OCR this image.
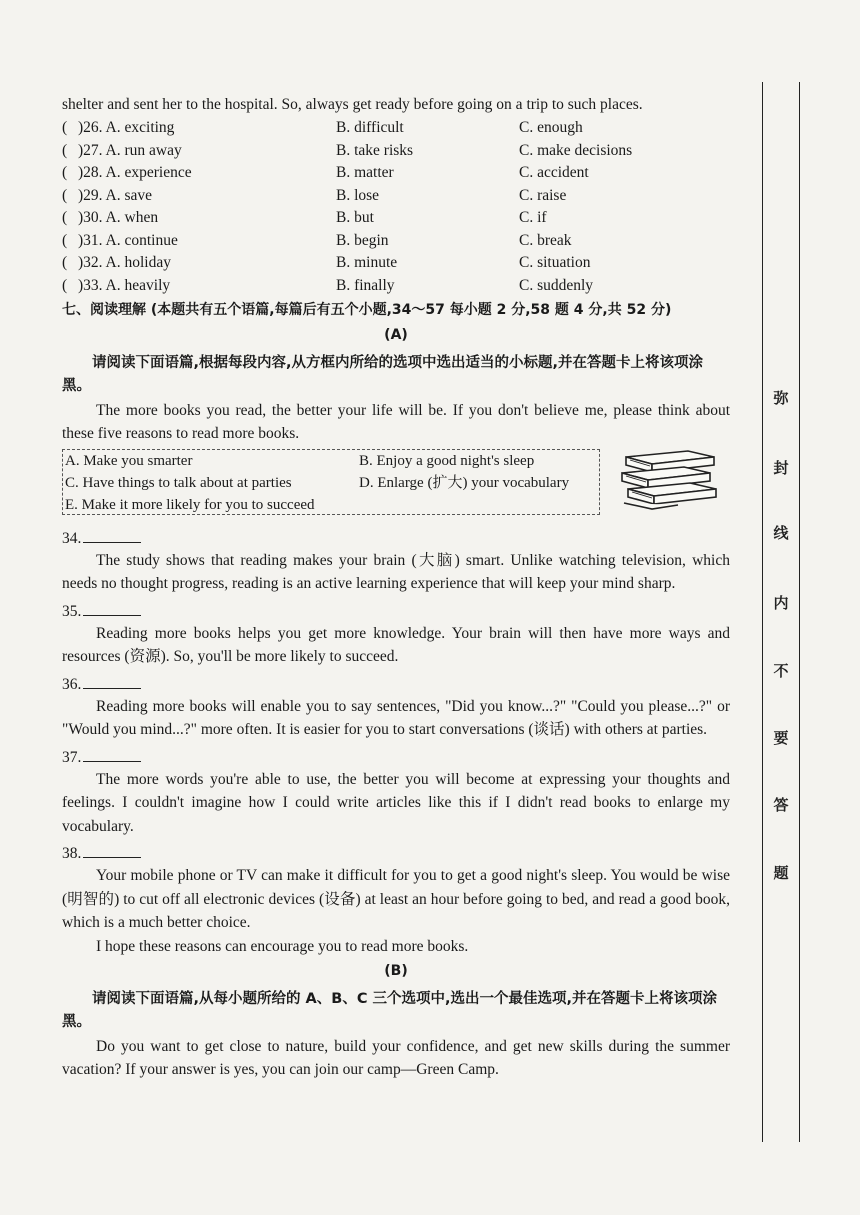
shelter and sent her to the hospital. So, always get ready before going on a trip to such places.

( )26. A. exciting	B. difficult	C. enough
( )27. A. run away	B. take risks	C. make decisions
( )28. A. experience	B. matter	C. accident
( )29. A. save	B. lose	C. raise
( )30. A. when	B. but	C. if
( )31. A. continue	B. begin	C. break
( )32. A. holiday	B. minute	C. situation
( )33. A. heavily	B. finally	C. suddenly

七、阅读理解 (本题共有五个语篇,每篇后有五个小题,34～57 每小题 2 分,58 题 4 分,共 52 分)

(A)

请阅读下面语篇,根据每段内容,从方框内所给的选项中选出适当的小标题,并在答题卡上将该项涂黑。

The more books you read, the better your life will be. If you don't believe me, please think about these five reasons to read more books.

A. Make you smarter	B. Enjoy a good night's sleep
C. Have things to talk about at parties	D. Enlarge (扩大) your vocabulary
E. Make it more likely for you to succeed

34.

The study shows that reading makes your brain (大脑) smart. Unlike watching television, which needs no thought progress, reading is an active learning experience that will keep your mind sharp.

35.

Reading more books helps you get more knowledge. Your brain will then have more ways and resources (资源). So, you'll be more likely to succeed.

36.

Reading more books will enable you to say sentences, "Did you know...?" "Could you please...?" or "Would you mind...?" more often. It is easier for you to start conversations (谈话) with others at parties.

37.

The more words you're able to use, the better you will become at expressing your thoughts and feelings. I couldn't imagine how I could write articles like this if I didn't read books to enlarge my vocabulary.

38.

Your mobile phone or TV can make it difficult for you to get a good night's sleep. You would be wise (明智的) to cut off all electronic devices (设备) at least an hour before going to bed, and read a good book, which is a much better choice.

I hope these reasons can encourage you to read more books.

(B)

请阅读下面语篇,从每小题所给的 A、B、C 三个选项中,选出一个最佳选项,并在答题卡上将该项涂黑。

Do you want to get close to nature, build your confidence, and get new skills during the summer vacation? If your answer is yes, you can join our camp—Green Camp.

弥
封
线
内
不
要
答
题
